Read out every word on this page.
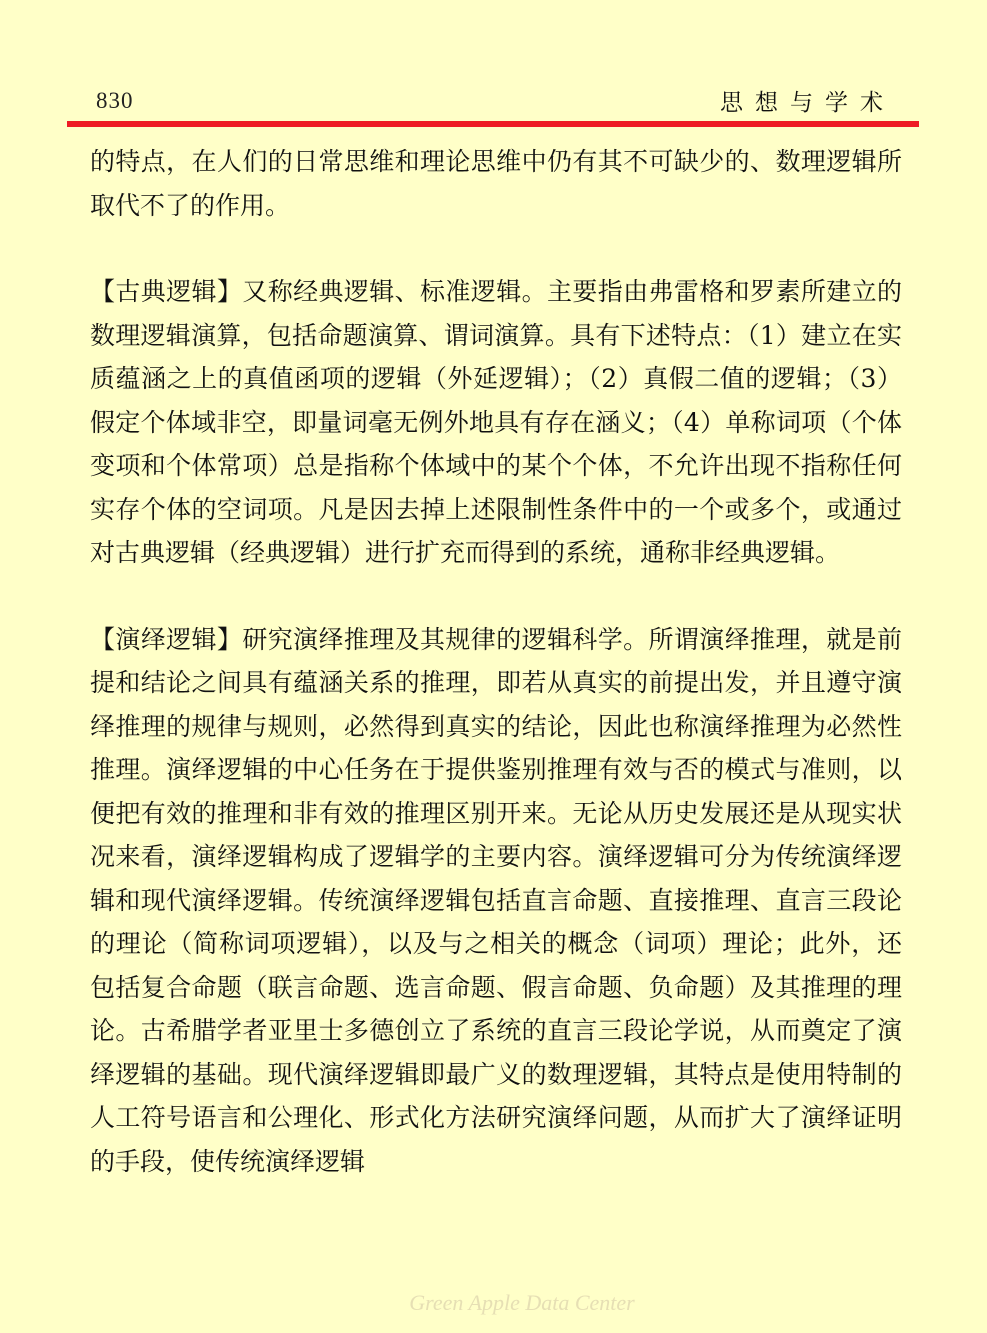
830	思想与学术

的特点，在人们的日常思维和理论思维中仍有其不可缺少的、数理逻辑所取代不了的作用。

【古典逻辑】又称经典逻辑、标准逻辑。主要指由弗雷格和罗素所建立的数理逻辑演算，包括命题演算、谓词演算。具有下述特点：（1）建立在实质蕴涵之上的真值函项的逻辑（外延逻辑）；（2）真假二值的逻辑；（3）假定个体域非空，即量词毫无例外地具有存在涵义；（4）单称词项（个体变项和个体常项）总是指称个体域中的某个个体，不允许出现不指称任何实存个体的空词项。凡是因去掉上述限制性条件中的一个或多个，或通过对古典逻辑（经典逻辑）进行扩充而得到的系统，通称非经典逻辑。

【演绎逻辑】研究演绎推理及其规律的逻辑科学。所谓演绎推理，就是前提和结论之间具有蕴涵关系的推理，即若从真实的前提出发，并且遵守演绎推理的规律与规则，必然得到真实的结论，因此也称演绎推理为必然性推理。演绎逻辑的中心任务在于提供鉴别推理有效与否的模式与准则，以便把有效的推理和非有效的推理区别开来。无论从历史发展还是从现实状况来看，演绎逻辑构成了逻辑学的主要内容。演绎逻辑可分为传统演绎逻辑和现代演绎逻辑。传统演绎逻辑包括直言命题、直接推理、直言三段论的理论（简称词项逻辑），以及与之相关的概念（词项）理论；此外，还包括复合命题（联言命题、选言命题、假言命题、负命题）及其推理的理论。古希腊学者亚里士多德创立了系统的直言三段论学说，从而奠定了演绎逻辑的基础。现代演绎逻辑即最广义的数理逻辑，其特点是使用特制的人工符号语言和公理化、形式化方法研究演绎问题，从而扩大了演绎证明的手段，使传统演绎逻辑

Green Apple Data Center
